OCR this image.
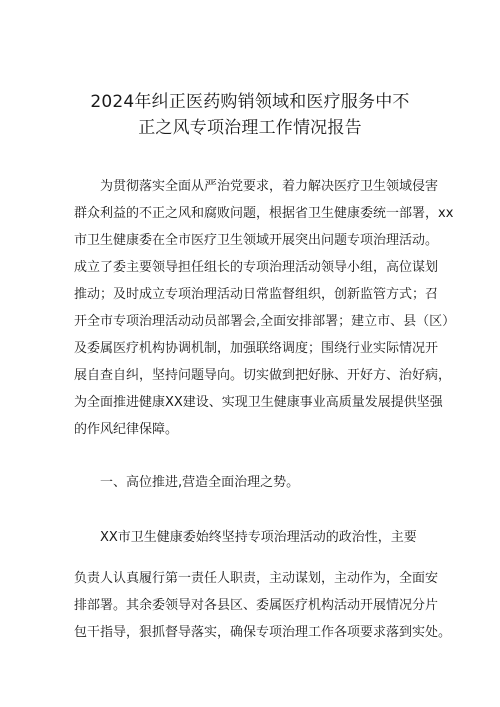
2024年纠正医药购销领域和医疗服务中不
正之风专项治理工作情况报告
为贯彻落实全面从严治党要求，着力解决医疗卫生领域侵害
群众利益的不正之风和腐败问题，根据省卫生健康委统一部署，xx
市卫生健康委在全市医疗卫生领域开展突出问题专项治理活动。
成立了委主要领导担任组长的专项治理活动领导小组，高位谋划
推动；及时成立专项治理活动日常监督组织，创新监管方式；召
开全市专项治理活动动员部署会,全面安排部署；建立市、县（区）
及委属医疗机构协调机制，加强联络调度；围绕行业实际情况开
展自查自纠，坚持问题导向。切实做到把好脉、开好方、治好病，
为全面推进健康XX建设、实现卫生健康事业高质量发展提供坚强
的作风纪律保障。
一、高位推进,营造全面治理之势。
XX市卫生健康委始终坚持专项治理活动的政治性，主要
负责人认真履行第一责任人职责，主动谋划，主动作为，全面安
排部署。其余委领导对各县区、委属医疗机构活动开展情况分片
包干指导，狠抓督导落实，确保专项治理工作各项要求落到实处。
